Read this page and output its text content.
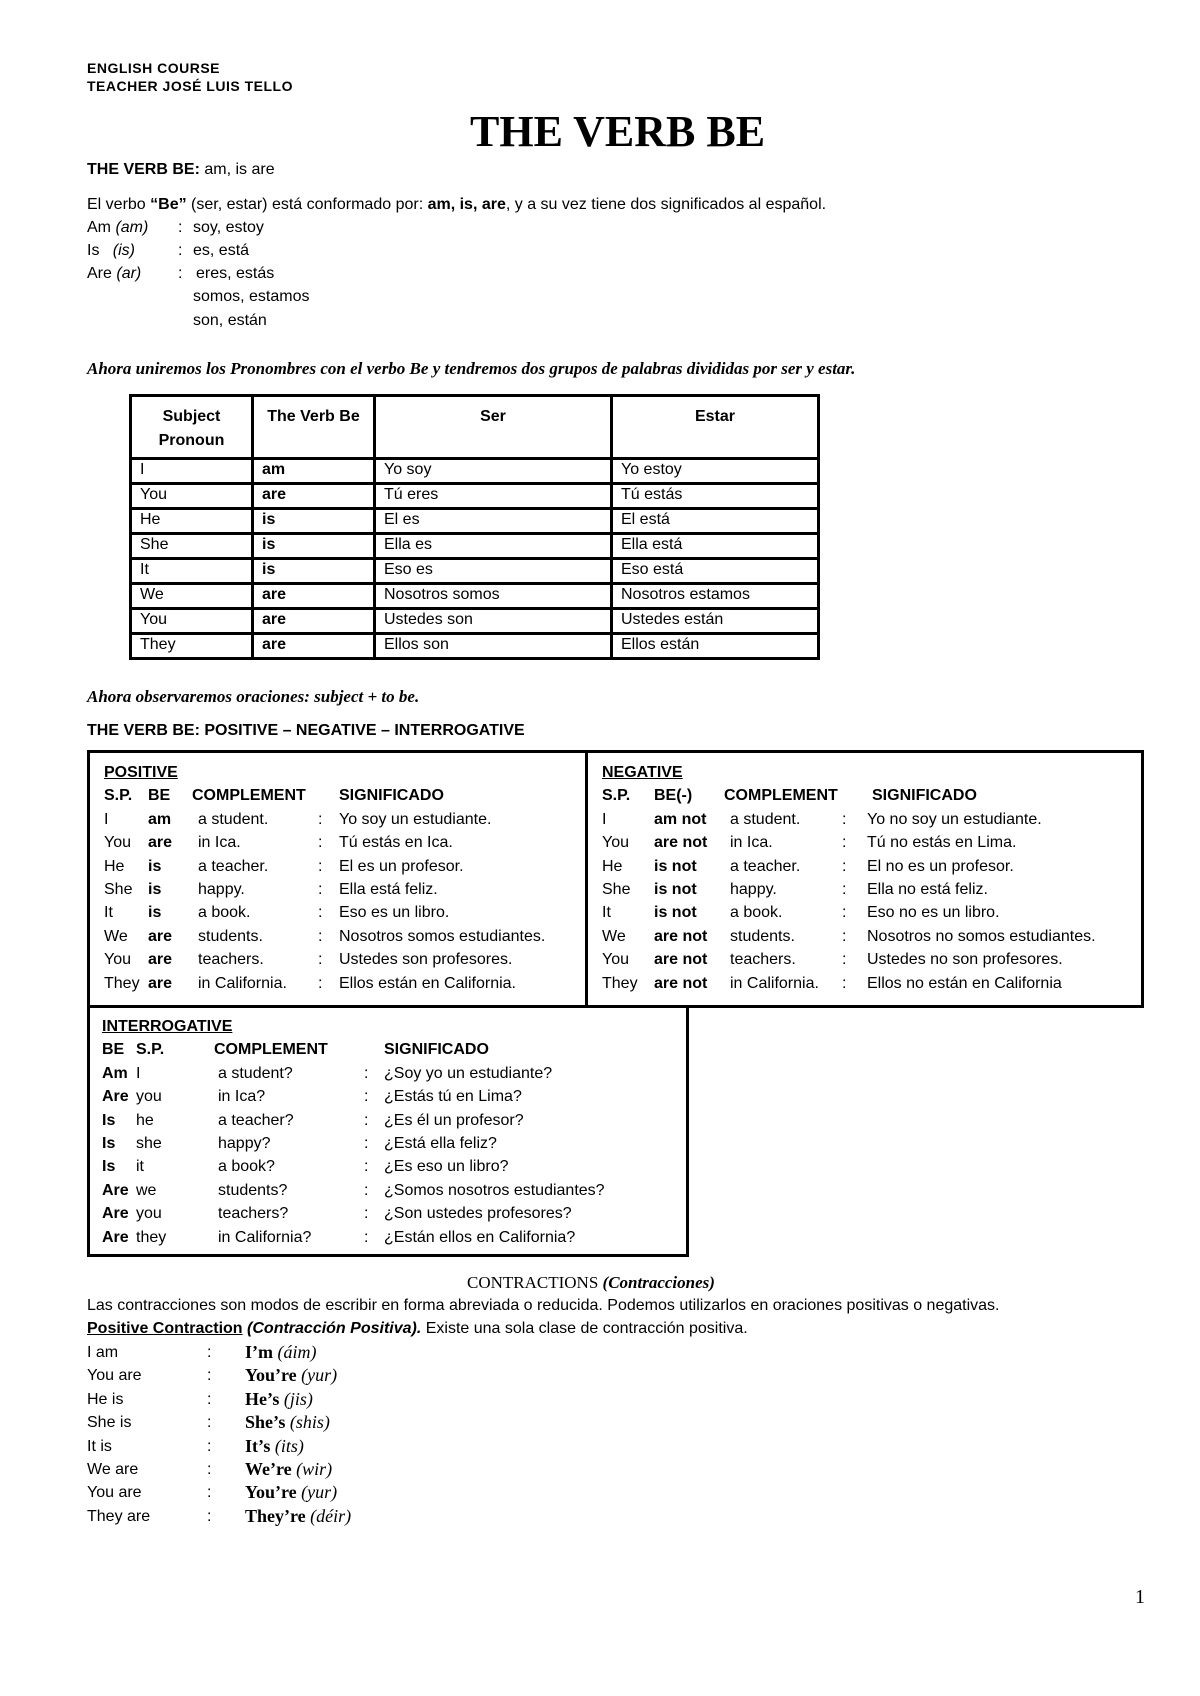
ENGLISH COURSE
TEACHER JOSÉ LUIS TELLO
THE VERB BE
THE VERB BE: am, is are
El verbo “Be” (ser, estar) está conformado por: am, is, are, y a su vez tiene dos significados al español.
Am (am) : soy, estoy
Is (is)	: es, está
Are (ar) : eres, estás
somos, estamos
son, están
Ahora uniremos los Pronombres con el verbo Be y tendremos dos grupos de palabras divididas por ser y estar.
Subject Pronoun	The Verb Be	Ser	Estar
I	am	Yo soy	Yo estoy
You	are	Tú eres	Tú estás
He	is	El es	El está
She	is	Ella es	Ella está
It	is	Eso es	Eso está
We	are	Nosotros somos	Nosotros estamos
You	are	Ustedes son	Ustedes están
They	are	Ellos son	Ellos están
Ahora observaremos oraciones: subject + to be.
THE VERB BE: POSITIVE – NEGATIVE – INTERROGATIVE
POSITIVE
S.P. BE COMPLEMENT SIGNIFICADO
I am a student.	: Yo soy un estudiante.
You are in Ica.	: Tú estás en Ica.
He is a teacher.	: El es un profesor.
She is happy.	: Ella está feliz.
It is a book.	: Eso es un libro.
We are students.	: Nosotros somos estudiantes.
You are teachers.	: Ustedes son profesores.
They are in California. : Ellos están en California.
NEGATIVE
S.P. BE(-) COMPLEMENT SIGNIFICADO
I	am not a student.	: Yo no soy un estudiante.
You are not in Ica.	: Tú no estás en Lima.
He is not a teacher.	: El no es un profesor.
She is not happy.	: Ella no está feliz.
It	is not a book.	: Eso no es un libro.
We are not students.	: Nosotros no somos estudiantes.
You are not teachers.	: Ustedes no son profesores.
They are not in California. : Ellos no están en California
INTERROGATIVE
BE S.P.	COMPLEMENT	SIGNIFICADO
Am I	a student?	: ¿Soy yo un estudiante?
Are you	in Ica?	: ¿Estás tú en Lima?
Is he	a teacher?	: ¿Es él un profesor?
Is she	happy?	: ¿Está ella feliz?
Is it	a book?	: ¿Es eso un libro?
Are we	students?	: ¿Somos nosotros estudiantes?
Are you	teachers?	: ¿Son ustedes profesores?
Are they	in California?	: ¿Están ellos en California?
CONTRACTIONS (Contracciones)
Las contracciones son modos de escribir en forma abreviada o reducida. Podemos utilizarlos en oraciones positivas o negativas.
Positive Contraction (Contracción Positiva). Existe una sola clase de contracción positiva.
I am	: I’m (áim)
You are	: You’re (yur)
He is	: He’s (jis)
She is	: She’s (shis)
It is	: It’s (its)
We are	: We’re (wir)
You are	: You’re (yur)
They are	: They’re (déir)
1
